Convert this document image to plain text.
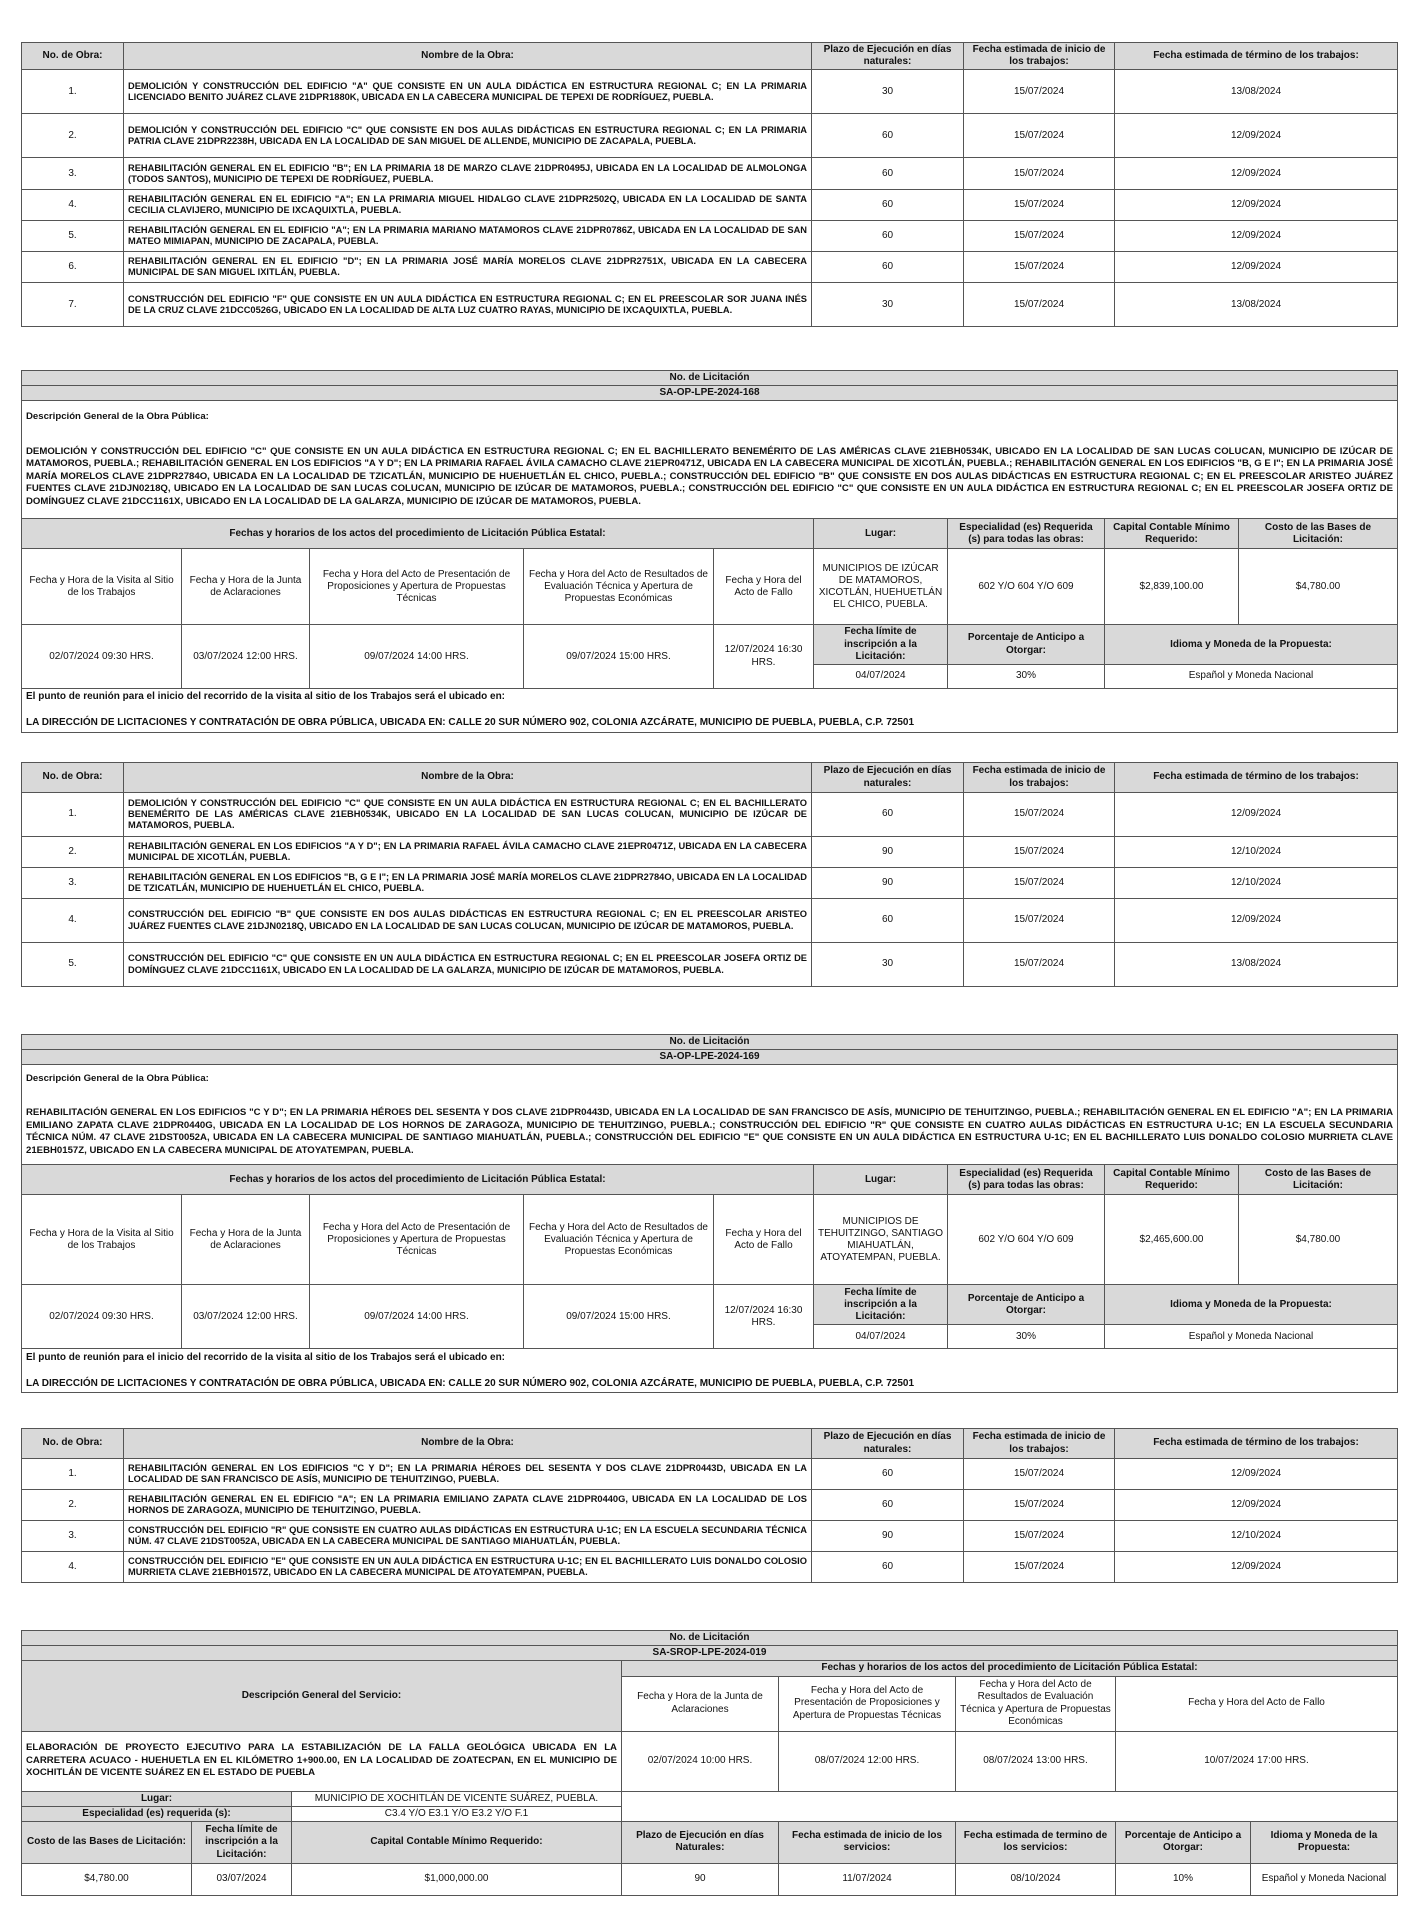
No. de Obra:	Nombre de la Obra:	Plazo de Ejecución en días naturales:	Fecha estimada de inicio de los trabajos:	Fecha estimada de término de los trabajos:
1.	DEMOLICIÓN Y CONSTRUCCIÓN DEL EDIFICIO "A" QUE CONSISTE EN UN AULA DIDÁCTICA EN ESTRUCTURA REGIONAL C; EN LA PRIMARIA LICENCIADO BENITO JUÁREZ CLAVE 21DPR1880K, UBICADA EN LA CABECERA MUNICIPAL DE TEPEXI DE RODRÍGUEZ, PUEBLA.	30	15/07/2024	13/08/2024
2.	DEMOLICIÓN Y CONSTRUCCIÓN DEL EDIFICIO "C" QUE CONSISTE EN DOS AULAS DIDÁCTICAS EN ESTRUCTURA REGIONAL C; EN LA PRIMARIA PATRIA CLAVE 21DPR2238H, UBICADA EN LA LOCALIDAD DE SAN MIGUEL DE ALLENDE, MUNICIPIO DE ZACAPALA, PUEBLA.	60	15/07/2024	12/09/2024
3.	REHABILITACIÓN GENERAL EN EL EDIFICIO "B"; EN LA PRIMARIA 18 DE MARZO CLAVE 21DPR0495J, UBICADA EN LA LOCALIDAD DE ALMOLONGA (TODOS SANTOS), MUNICIPIO DE TEPEXI DE RODRÍGUEZ, PUEBLA.	60	15/07/2024	12/09/2024
4.	REHABILITACIÓN GENERAL EN EL EDIFICIO "A"; EN LA PRIMARIA MIGUEL HIDALGO CLAVE 21DPR2502Q, UBICADA EN LA LOCALIDAD DE SANTA CECILIA CLAVIJERO, MUNICIPIO DE IXCAQUIXTLA, PUEBLA.	60	15/07/2024	12/09/2024
5.	REHABILITACIÓN GENERAL EN EL EDIFICIO "A"; EN LA PRIMARIA MARIANO MATAMOROS CLAVE 21DPR0786Z, UBICADA EN LA LOCALIDAD DE SAN MATEO MIMIAPAN, MUNICIPIO DE ZACAPALA, PUEBLA.	60	15/07/2024	12/09/2024
6.	REHABILITACIÓN GENERAL EN EL EDIFICIO "D"; EN LA PRIMARIA JOSÉ MARÍA MORELOS CLAVE 21DPR2751X, UBICADA EN LA CABECERA MUNICIPAL DE SAN MIGUEL IXITLÁN, PUEBLA.	60	15/07/2024	12/09/2024
7.	CONSTRUCCIÓN DEL EDIFICIO "F" QUE CONSISTE EN UN AULA DIDÁCTICA EN ESTRUCTURA REGIONAL C; EN EL PREESCOLAR SOR JUANA INÉS DE LA CRUZ CLAVE 21DCC0526G, UBICADO EN LA LOCALIDAD DE ALTA LUZ CUATRO RAYAS, MUNICIPIO DE IXCAQUIXTLA, PUEBLA.	30	15/07/2024	13/08/2024
No. de Licitación								
SA-OP-LPE-2024-168								

Descripción General de la Obra Pública:
DEMOLICIÓN Y CONSTRUCCIÓN DEL EDIFICIO "C" QUE CONSISTE EN UN AULA DIDÁCTICA EN ESTRUCTURA REGIONAL C; EN EL BACHILLERATO BENEMÉRITO DE LAS AMÉRICAS CLAVE 21EBH0534K, UBICADO EN LA LOCALIDAD DE SAN LUCAS COLUCAN, MUNICIPIO DE IZÚCAR DE MATAMOROS, PUEBLA.; REHABILITACIÓN GENERAL EN LOS EDIFICIOS "A Y D"; EN LA PRIMARIA RAFAEL ÁVILA CAMACHO CLAVE 21EPR0471Z, UBICADA EN LA CABECERA MUNICIPAL DE XICOTLÁN, PUEBLA.; REHABILITACIÓN GENERAL EN LOS EDIFICIOS "B, G E I"; EN LA PRIMARIA JOSÉ MARÍA MORELOS CLAVE 21DPR2784O, UBICADA EN LA LOCALIDAD DE TZICATLÁN, MUNICIPIO DE HUEHUETLÁN EL CHICO, PUEBLA.; CONSTRUCCIÓN DEL EDIFICIO "B" QUE CONSISTE EN DOS AULAS DIDÁCTICAS EN ESTRUCTURA REGIONAL C; EN EL PREESCOLAR ARISTEO JUÁREZ FUENTES CLAVE 21DJN0218Q, UBICADO EN LA LOCALIDAD DE SAN LUCAS COLUCAN, MUNICIPIO DE IZÚCAR DE MATAMOROS, PUEBLA.; CONSTRUCCIÓN DEL EDIFICIO "C" QUE CONSISTE EN UN AULA DIDÁCTICA EN ESTRUCTURA REGIONAL C; EN EL PREESCOLAR JOSEFA ORTIZ DE DOMÍNGUEZ CLAVE 21DCC1161X, UBICADO EN LA LOCALIDAD DE LA GALARZA, MUNICIPIO DE IZÚCAR DE MATAMOROS, PUEBLA.								
Fechas y horarios de los actos del procedimiento de Licitación Pública Estatal:					Lugar:	Especialidad (es) Requerida (s) para todas las obras:	Capital Contable Mínimo Requerido:	Costo de las Bases de Licitación:
Fecha y Hora de la Visita al Sitio de los Trabajos	Fecha y Hora de la Junta de Aclaraciones	Fecha y Hora del Acto de Presentación de Proposiciones y Apertura de Propuestas Técnicas	Fecha y Hora del Acto de Resultados de Evaluación Técnica y Apertura de Propuestas Económicas	Fecha y Hora del Acto de Fallo	MUNICIPIOS DE IZÚCAR DE MATAMOROS, XICOTLÁN, HUEHUETLÁN EL CHICO, PUEBLA.	602 Y/O 604 Y/O 609	$2,839,100.00	$4,780.00
02/07/2024 09:30 HRS.	03/07/2024 12:00 HRS.	09/07/2024 14:00 HRS.	09/07/2024 15:00 HRS.	12/07/2024 16:30 HRS.	Fecha límite de inscripción a la Licitación:	Porcentaje de Anticipo a Otorgar:	Idioma y Moneda de la Propuesta:	
					04/07/2024	30%	Español y Moneda Nacional	
El punto de reunión para el inicio del recorrido de la visita al sitio de los Trabajos será el ubicado en:
LA DIRECCIÓN DE LICITACIONES Y CONTRATACIÓN DE OBRA PÚBLICA, UBICADA EN: CALLE 20 SUR NÚMERO 902, COLONIA AZCÁRATE, MUNICIPIO DE PUEBLA, PUEBLA, C.P. 72501								
No. de Obra:	Nombre de la Obra:	Plazo de Ejecución en días naturales:	Fecha estimada de inicio de los trabajos:	Fecha estimada de término de los trabajos:
1.	DEMOLICIÓN Y CONSTRUCCIÓN DEL EDIFICIO "C" QUE CONSISTE EN UN AULA DIDÁCTICA EN ESTRUCTURA REGIONAL C; EN EL BACHILLERATO BENEMÉRITO DE LAS AMÉRICAS CLAVE 21EBH0534K, UBICADO EN LA LOCALIDAD DE SAN LUCAS COLUCAN, MUNICIPIO DE IZÚCAR DE MATAMOROS, PUEBLA.	60	15/07/2024	12/09/2024
2.	REHABILITACIÓN GENERAL EN LOS EDIFICIOS "A Y D"; EN LA PRIMARIA RAFAEL ÁVILA CAMACHO CLAVE 21EPR0471Z, UBICADA EN LA CABECERA MUNICIPAL DE XICOTLÁN, PUEBLA.	90	15/07/2024	12/10/2024
3.	REHABILITACIÓN GENERAL EN LOS EDIFICIOS "B, G E I"; EN LA PRIMARIA JOSÉ MARÍA MORELOS CLAVE 21DPR2784O, UBICADA EN LA LOCALIDAD DE TZICATLÁN, MUNICIPIO DE HUEHUETLÁN EL CHICO, PUEBLA.	90	15/07/2024	12/10/2024
4.	CONSTRUCCIÓN DEL EDIFICIO "B" QUE CONSISTE EN DOS AULAS DIDÁCTICAS EN ESTRUCTURA REGIONAL C; EN EL PREESCOLAR ARISTEO JUÁREZ FUENTES CLAVE 21DJN0218Q, UBICADO EN LA LOCALIDAD DE SAN LUCAS COLUCAN, MUNICIPIO DE IZÚCAR DE MATAMOROS, PUEBLA.	60	15/07/2024	12/09/2024
5.	CONSTRUCCIÓN DEL EDIFICIO "C" QUE CONSISTE EN UN AULA DIDÁCTICA EN ESTRUCTURA REGIONAL C; EN EL PREESCOLAR JOSEFA ORTIZ DE DOMÍNGUEZ CLAVE 21DCC1161X, UBICADO EN LA LOCALIDAD DE LA GALARZA, MUNICIPIO DE IZÚCAR DE MATAMOROS, PUEBLA.	30	15/07/2024	13/08/2024
No. de Licitación								
SA-OP-LPE-2024-169								

Descripción General de la Obra Pública:
REHABILITACIÓN GENERAL EN LOS EDIFICIOS "C Y D"; EN LA PRIMARIA HÉROES DEL SESENTA Y DOS CLAVE 21DPR0443D, UBICADA EN LA LOCALIDAD DE SAN FRANCISCO DE ASÍS, MUNICIPIO DE TEHUITZINGO, PUEBLA.; REHABILITACIÓN GENERAL EN EL EDIFICIO "A"; EN LA PRIMARIA EMILIANO ZAPATA CLAVE 21DPR0440G, UBICADA EN LA LOCALIDAD DE LOS HORNOS DE ZARAGOZA, MUNICIPIO DE TEHUITZINGO, PUEBLA.; CONSTRUCCIÓN DEL EDIFICIO "R" QUE CONSISTE EN CUATRO AULAS DIDÁCTICAS EN ESTRUCTURA U-1C; EN LA ESCUELA SECUNDARIA TÉCNICA NÚM. 47 CLAVE 21DST0052A, UBICADA EN LA CABECERA MUNICIPAL DE SANTIAGO MIAHUATLÁN, PUEBLA.; CONSTRUCCIÓN DEL EDIFICIO "E" QUE CONSISTE EN UN AULA DIDÁCTICA EN ESTRUCTURA U-1C; EN EL BACHILLERATO LUIS DONALDO COLOSIO MURRIETA CLAVE 21EBH0157Z, UBICADO EN LA CABECERA MUNICIPAL DE ATOYATEMPAN, PUEBLA.								
Fechas y horarios de los actos del procedimiento de Licitación Pública Estatal:					Lugar:	Especialidad (es) Requerida (s) para todas las obras:	Capital Contable Mínimo Requerido:	Costo de las Bases de Licitación:
Fecha y Hora de la Visita al Sitio de los Trabajos	Fecha y Hora de la Junta de Aclaraciones	Fecha y Hora del Acto de Presentación de Proposiciones y Apertura de Propuestas Técnicas	Fecha y Hora del Acto de Resultados de Evaluación Técnica y Apertura de Propuestas Económicas	Fecha y Hora del Acto de Fallo	MUNICIPIOS DE TEHUITZINGO, SANTIAGO MIAHUATLÁN, ATOYATEMPAN, PUEBLA.	602 Y/O 604 Y/O 609	$2,465,600.00	$4,780.00
02/07/2024 09:30 HRS.	03/07/2024 12:00 HRS.	09/07/2024 14:00 HRS.	09/07/2024 15:00 HRS.	12/07/2024 16:30 HRS.	Fecha límite de inscripción a la Licitación:	Porcentaje de Anticipo a Otorgar:	Idioma y Moneda de la Propuesta:	
					04/07/2024	30%	Español y Moneda Nacional	
El punto de reunión para el inicio del recorrido de la visita al sitio de los Trabajos será el ubicado en:
LA DIRECCIÓN DE LICITACIONES Y CONTRATACIÓN DE OBRA PÚBLICA, UBICADA EN: CALLE 20 SUR NÚMERO 902, COLONIA AZCÁRATE, MUNICIPIO DE PUEBLA, PUEBLA, C.P. 72501								
No. de Obra:	Nombre de la Obra:	Plazo de Ejecución en días naturales:	Fecha estimada de inicio de los trabajos:	Fecha estimada de término de los trabajos:
1.	REHABILITACIÓN GENERAL EN LOS EDIFICIOS "C Y D"; EN LA PRIMARIA HÉROES DEL SESENTA Y DOS CLAVE 21DPR0443D, UBICADA EN LA LOCALIDAD DE SAN FRANCISCO DE ASÍS, MUNICIPIO DE TEHUITZINGO, PUEBLA.	60	15/07/2024	12/09/2024
2.	REHABILITACIÓN GENERAL EN EL EDIFICIO "A"; EN LA PRIMARIA EMILIANO ZAPATA CLAVE 21DPR0440G, UBICADA EN LA LOCALIDAD DE LOS HORNOS DE ZARAGOZA, MUNICIPIO DE TEHUITZINGO, PUEBLA.	60	15/07/2024	12/09/2024
3.	CONSTRUCCIÓN DEL EDIFICIO "R" QUE CONSISTE EN CUATRO AULAS DIDÁCTICAS EN ESTRUCTURA U-1C; EN LA ESCUELA SECUNDARIA TÉCNICA NÚM. 47 CLAVE 21DST0052A, UBICADA EN LA CABECERA MUNICIPAL DE SANTIAGO MIAHUATLÁN, PUEBLA.	90	15/07/2024	12/10/2024
4.	CONSTRUCCIÓN DEL EDIFICIO "E" QUE CONSISTE EN UN AULA DIDÁCTICA EN ESTRUCTURA U-1C; EN EL BACHILLERATO LUIS DONALDO COLOSIO MURRIETA CLAVE 21EBH0157Z, UBICADO EN LA CABECERA MUNICIPAL DE ATOYATEMPAN, PUEBLA.	60	15/07/2024	12/09/2024
No. de Licitación							
SA-SROP-LPE-2024-019							
Descripción General del Servicio:			Fechas y horarios de los actos del procedimiento de Licitación Pública Estatal:				
			Fecha y Hora de la Junta de Aclaraciones	Fecha y Hora del Acto de Presentación de Proposiciones y Apertura de Propuestas Técnicas	Fecha y Hora del Acto de Resultados de Evaluación Técnica y Apertura de Propuestas Económicas	Fecha y Hora del Acto de Fallo	
ELABORACIÓN DE PROYECTO EJECUTIVO PARA LA ESTABILIZACIÓN DE LA FALLA GEOLÓGICA UBICADA EN LA CARRETERA ACUACO - HUEHUETLA EN EL KILÓMETRO 1+900.00, EN LA LOCALIDAD DE ZOATECPAN, EN EL MUNICIPIO DE XOCHITLÁN DE VICENTE SUÁREZ EN EL ESTADO DE PUEBLA			02/07/2024 10:00 HRS.	08/07/2024 12:00 HRS.	08/07/2024 13:00 HRS.	10/07/2024 17:00 HRS.	
Lugar:		MUNICIPIO DE XOCHITLÁN DE VICENTE SUÁREZ, PUEBLA.					
Especialidad (es) requerida (s):		C3.4 Y/O E3.1 Y/O E3.2 Y/O F.1					
Costo de las Bases de Licitación:	Fecha límite de inscripción a la Licitación:	Capital Contable Mínimo Requerido:	Plazo de Ejecución en días Naturales:	Fecha estimada de inicio de los servicios:	Fecha estimada de termino de los servicios:	Porcentaje de Anticipo a Otorgar:	Idioma y Moneda de la Propuesta:
$4,780.00	03/07/2024	$1,000,000.00	90	11/07/2024	08/10/2024	10%	Español y Moneda Nacional
